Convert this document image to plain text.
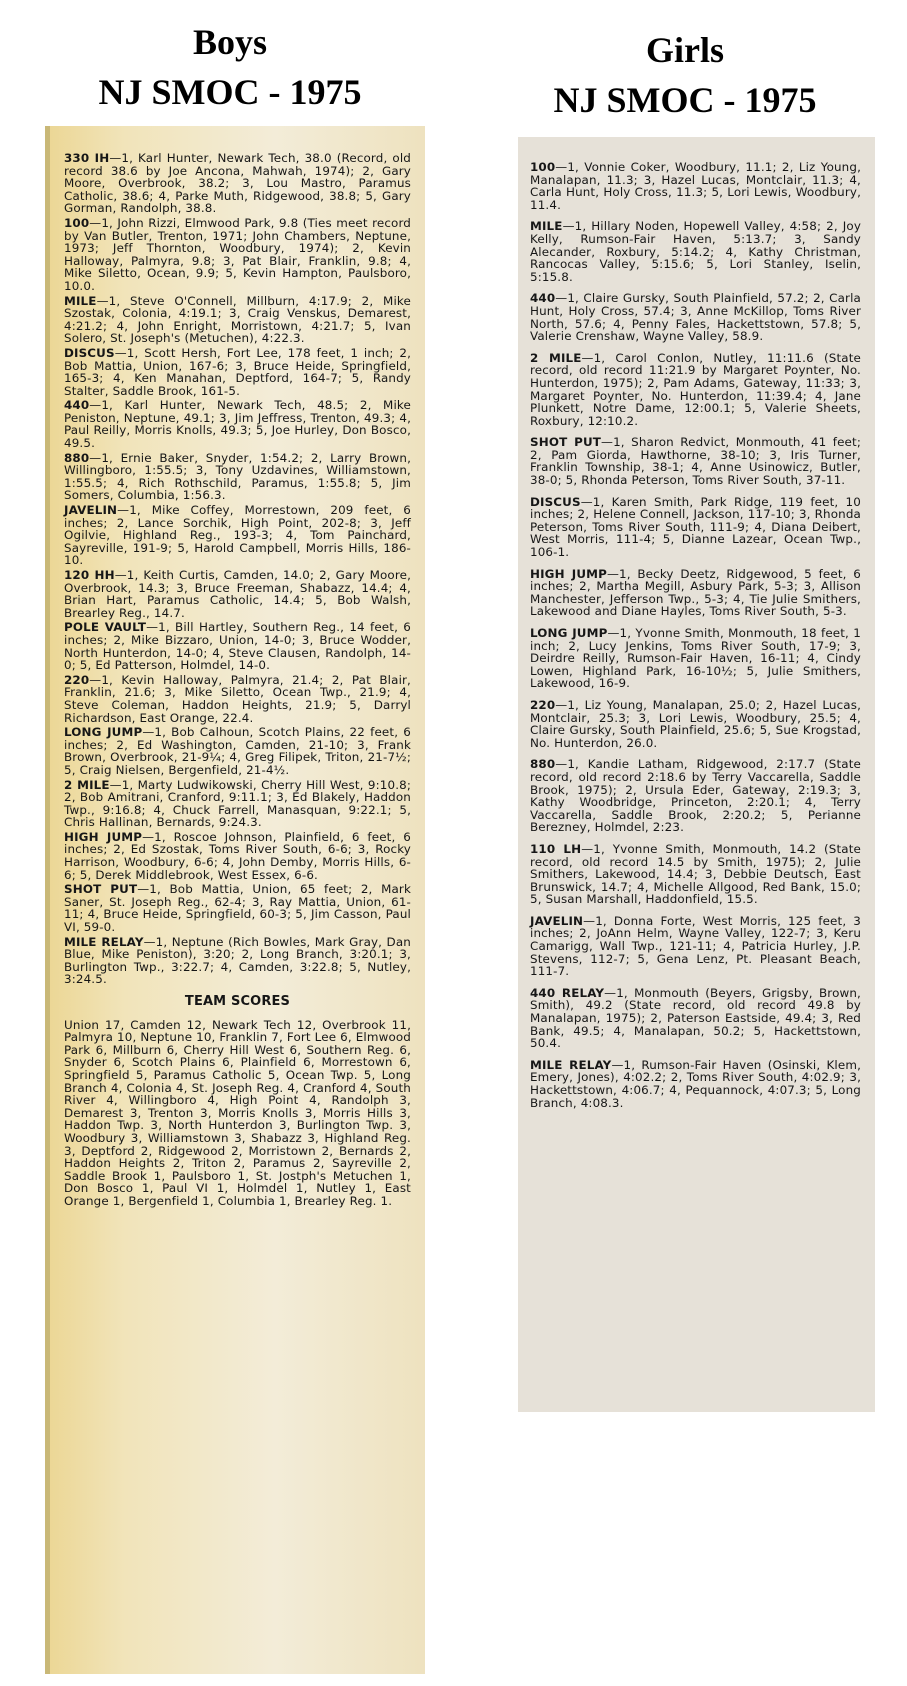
Boys
NJ SMOC - 1975
Girls
NJ SMOC - 1975

330 IH—1, Karl Hunter, Newark Tech, 38.0 (Record, old record 38.6 by Joe Ancona, Mahwah, 1974); 2, Gary Moore, Overbrook, 38.2; 3, Lou Mastro, Paramus Catholic, 38.6; 4, Parke Muth, Ridgewood, 38.8; 5, Gary Gorman, Randolph, 38.8.

100—1, John Rizzi, Elmwood Park, 9.8 (Ties meet record by Van Butler, Trenton, 1971; John Chambers, Neptune, 1973; Jeff Thornton, Woodbury, 1974); 2, Kevin Halloway, Palmyra, 9.8; 3, Pat Blair, Franklin, 9.8; 4, Mike Siletto, Ocean, 9.9; 5, Kevin Hampton, Paulsboro, 10.0.

MILE—1, Steve O'Connell, Millburn, 4:17.9; 2, Mike Szostak, Colonia, 4:19.1; 3, Craig Venskus, Demarest, 4:21.2; 4, John Enright, Morristown, 4:21.7; 5, Ivan Solero, St. Joseph's (Metuchen), 4:22.3.

DISCUS—1, Scott Hersh, Fort Lee, 178 feet, 1 inch; 2, Bob Mattia, Union, 167-6; 3, Bruce Heide, Springfield, 165-3; 4, Ken Manahan, Deptford, 164-7; 5, Randy Stalter, Saddle Brook, 161-5.

440—1, Karl Hunter, Newark Tech, 48.5; 2, Mike Peniston, Neptune, 49.1; 3, Jim Jeffress, Trenton, 49.3; 4, Paul Reilly, Morris Knolls, 49.3; 5, Joe Hurley, Don Bosco, 49.5.

880—1, Ernie Baker, Snyder, 1:54.2; 2, Larry Brown, Willingboro, 1:55.5; 3, Tony Uzdavines, Williamstown, 1:55.5; 4, Rich Rothschild, Paramus, 1:55.8; 5, Jim Somers, Columbia, 1:56.3.

JAVELIN—1, Mike Coffey, Morrestown, 209 feet, 6 inches; 2, Lance Sorchik, High Point, 202-8; 3, Jeff Ogilvie, Highland Reg., 193-3; 4, Tom Painchard, Sayreville, 191-9; 5, Harold Campbell, Morris Hills, 186-10.

120 HH—1, Keith Curtis, Camden, 14.0; 2, Gary Moore, Overbrook, 14.3; 3, Bruce Freeman, Shabazz, 14.4; 4, Brian Hart, Paramus Catholic, 14.4; 5, Bob Walsh, Brearley Reg., 14.7.

POLE VAULT—1, Bill Hartley, Southern Reg., 14 feet, 6 inches; 2, Mike Bizzaro, Union, 14-0; 3, Bruce Wodder, North Hunterdon, 14-0; 4, Steve Clausen, Randolph, 14-0; 5, Ed Patterson, Holmdel, 14-0.

220—1, Kevin Halloway, Palmyra, 21.4; 2, Pat Blair, Franklin, 21.6; 3, Mike Siletto, Ocean Twp., 21.9; 4, Steve Coleman, Haddon Heights, 21.9; 5, Darryl Richardson, East Orange, 22.4.

LONG JUMP—1, Bob Calhoun, Scotch Plains, 22 feet, 6 inches; 2, Ed Washington, Camden, 21-10; 3, Frank Brown, Overbrook, 21-9¼; 4, Greg Filipek, Triton, 21-7½; 5, Craig Nielsen, Bergenfield, 21-4½.

2 MILE—1, Marty Ludwikowski, Cherry Hill West, 9:10.8; 2, Bob Amitrani, Cranford, 9:11.1; 3, Ed Blakely, Haddon Twp., 9:16.8; 4, Chuck Farrell, Manasquan, 9:22.1; 5, Chris Hallinan, Bernards, 9:24.3.

HIGH JUMP—1, Roscoe Johnson, Plainfield, 6 feet, 6 inches; 2, Ed Szostak, Toms River South, 6-6; 3, Rocky Harrison, Woodbury, 6-6; 4, John Demby, Morris Hills, 6-6; 5, Derek Middlebrook, West Essex, 6-6.

SHOT PUT—1, Bob Mattia, Union, 65 feet; 2, Mark Saner, St. Joseph Reg., 62-4; 3, Ray Mattia, Union, 61-11; 4, Bruce Heide, Springfield, 60-3; 5, Jim Casson, Paul VI, 59-0.

MILE RELAY—1, Neptune (Rich Bowles, Mark Gray, Dan Blue, Mike Peniston), 3:20; 2, Long Branch, 3:20.1; 3, Burlington Twp., 3:22.7; 4, Camden, 3:22.8; 5, Nutley, 3:24.5.

TEAM SCORES

Union 17, Camden 12, Newark Tech 12, Overbrook 11, Palmyra 10, Neptune 10, Franklin 7, Fort Lee 6, Elmwood Park 6, Millburn 6, Cherry Hill West 6, Southern Reg. 6, Snyder 6, Scotch Plains 6, Plainfield 6, Morrestown 6, Springfield 5, Paramus Catholic 5, Ocean Twp. 5, Long Branch 4, Colonia 4, St. Joseph Reg. 4, Cranford 4, South River 4, Willingboro 4, High Point 4, Randolph 3, Demarest 3, Trenton 3, Morris Knolls 3, Morris Hills 3, Haddon Twp. 3, North Hunterdon 3, Burlington Twp. 3, Woodbury 3, Williamstown 3, Shabazz 3, Highland Reg. 3, Deptford 2, Ridgewood 2, Morristown 2, Bernards 2, Haddon Heights 2, Triton 2, Paramus 2, Sayreville 2, Saddle Brook 1, Paulsboro 1, St. Jostph's Metuchen 1, Don Bosco 1, Paul VI 1, Holmdel 1, Nutley 1, East Orange 1, Bergenfield 1, Columbia 1, Brearley Reg. 1.

100—1, Vonnie Coker, Woodbury, 11.1; 2, Liz Young, Manalapan, 11.3; 3, Hazel Lucas, Montclair, 11.3; 4, Carla Hunt, Holy Cross, 11.3; 5, Lori Lewis, Woodbury, 11.4.

MILE—1, Hillary Noden, Hopewell Valley, 4:58; 2, Joy Kelly, Rumson-Fair Haven, 5:13.7; 3, Sandy Alecander, Roxbury, 5:14.2; 4, Kathy Christman, Rancocas Valley, 5:15.6; 5, Lori Stanley, Iselin, 5:15.8.

440—1, Claire Gursky, South Plainfield, 57.2; 2, Carla Hunt, Holy Cross, 57.4; 3, Anne McKillop, Toms River North, 57.6; 4, Penny Fales, Hackettstown, 57.8; 5, Valerie Crenshaw, Wayne Valley, 58.9.

2 MILE—1, Carol Conlon, Nutley, 11:11.6 (State record, old record 11:21.9 by Margaret Poynter, No. Hunterdon, 1975); 2, Pam Adams, Gateway, 11:33; 3, Margaret Poynter, No. Hunterdon, 11:39.4; 4, Jane Plunkett, Notre Dame, 12:00.1; 5, Valerie Sheets, Roxbury, 12:10.2.

SHOT PUT—1, Sharon Redvict, Monmouth, 41 feet; 2, Pam Giorda, Hawthorne, 38-10; 3, Iris Turner, Franklin Township, 38-1; 4, Anne Usinowicz, Butler, 38-0; 5, Rhonda Peterson, Toms River South, 37-11.

DISCUS—1, Karen Smith, Park Ridge, 119 feet, 10 inches; 2, Helene Connell, Jackson, 117-10; 3, Rhonda Peterson, Toms River South, 111-9; 4, Diana Deibert, West Morris, 111-4; 5, Dianne Lazear, Ocean Twp., 106-1.

HIGH JUMP—1, Becky Deetz, Ridgewood, 5 feet, 6 inches; 2, Martha Megill, Asbury Park, 5-3; 3, Allison Manchester, Jefferson Twp., 5-3; 4, Tie Julie Smithers, Lakewood and Diane Hayles, Toms River South, 5-3.

LONG JUMP—1, Yvonne Smith, Monmouth, 18 feet, 1 inch; 2, Lucy Jenkins, Toms River South, 17-9; 3, Deirdre Reilly, Rumson-Fair Haven, 16-11; 4, Cindy Lowen, Highland Park, 16-10½; 5, Julie Smithers, Lakewood, 16-9.

220—1, Liz Young, Manalapan, 25.0; 2, Hazel Lucas, Montclair, 25.3; 3, Lori Lewis, Woodbury, 25.5; 4, Claire Gursky, South Plainfield, 25.6; 5, Sue Krogstad, No. Hunterdon, 26.0.

880—1, Kandie Latham, Ridgewood, 2:17.7 (State record, old record 2:18.6 by Terry Vaccarella, Saddle Brook, 1975); 2, Ursula Eder, Gateway, 2:19.3; 3, Kathy Woodbridge, Princeton, 2:20.1; 4, Terry Vaccarella, Saddle Brook, 2:20.2; 5, Perianne Berezney, Holmdel, 2:23.

110 LH—1, Yvonne Smith, Monmouth, 14.2 (State record, old record 14.5 by Smith, 1975); 2, Julie Smithers, Lakewood, 14.4; 3, Debbie Deutsch, East Brunswick, 14.7; 4, Michelle Allgood, Red Bank, 15.0; 5, Susan Marshall, Haddonfield, 15.5.

JAVELIN—1, Donna Forte, West Morris, 125 feet, 3 inches; 2, JoAnn Helm, Wayne Valley, 122-7; 3, Keru Camarigg, Wall Twp., 121-11; 4, Patricia Hurley, J.P. Stevens, 112-7; 5, Gena Lenz, Pt. Pleasant Beach, 111-7.

440 RELAY—1, Monmouth (Beyers, Grigsby, Brown, Smith), 49.2 (State record, old record 49.8 by Manalapan, 1975); 2, Paterson Eastside, 49.4; 3, Red Bank, 49.5; 4, Manalapan, 50.2; 5, Hackettstown, 50.4.

MILE RELAY—1, Rumson-Fair Haven (Osinski, Klem, Emery, Jones), 4:02.2; 2, Toms River South, 4:02.9; 3, Hackettstown, 4:06.7; 4, Pequannock, 4:07.3; 5, Long Branch, 4:08.3.
